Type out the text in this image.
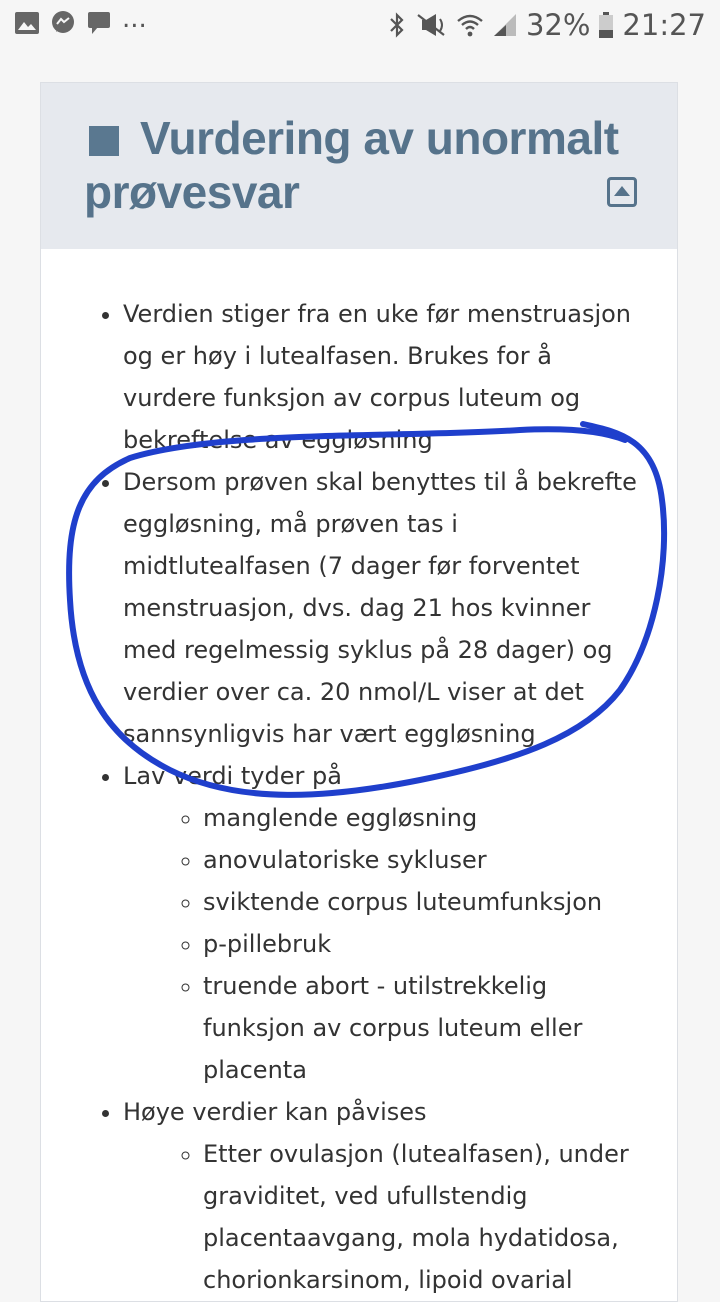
...	32% 21:27
Vurdering av unormalt prøvesvar
• Verdien stiger fra en uke før menstruasjon og er høy i lutealfasen. Brukes for å vurdere funksjon av corpus luteum og bekreftelse av eggløsning
• Dersom prøven skal benyttes til å bekrefte eggløsning, må prøven tas i midtlutealfasen (7 dager før forventet menstruasjon, dvs. dag 21 hos kvinner med regelmessig syklus på 28 dager) og verdier over ca. 20 nmol/L viser at det sannsynligvis har vært eggløsning
• Lav verdi tyder på
◦ manglende eggløsning
◦ anovulatoriske sykluser
◦ sviktende corpus luteumfunksjon
◦ p-pillebruk
◦ truende abort - utilstrekkelig funksjon av corpus luteum eller placenta
• Høye verdier kan påvises
◦ Etter ovulasjon (lutealfasen), under graviditet, ved ufullstendig placentaavgang, mola hydatidosa, chorionkarsinom, lipoid ovarial
